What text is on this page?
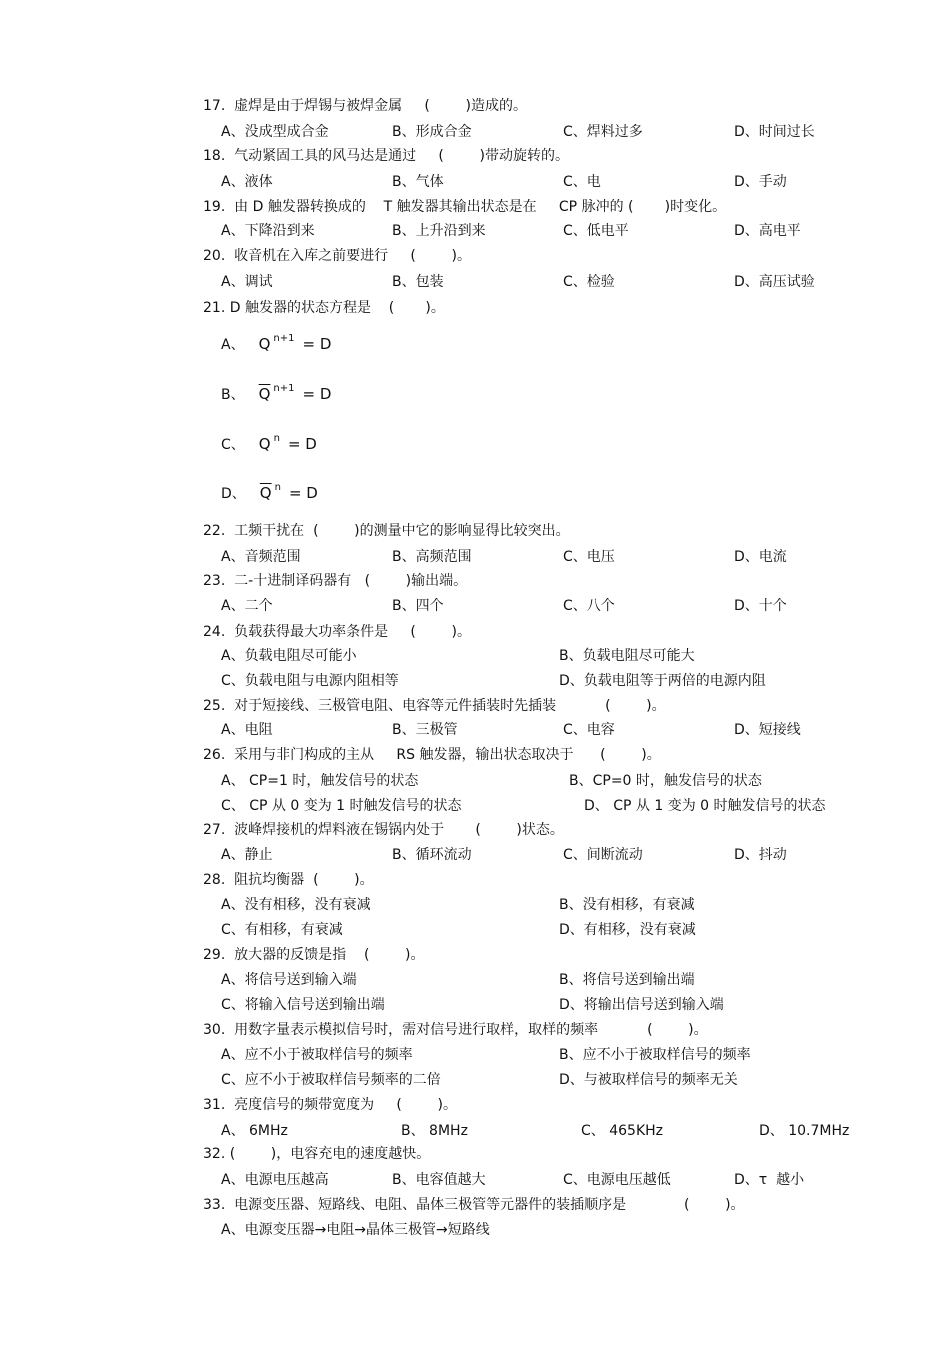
17.  虚焊是由于焊锡与被焊金属     (        )造成的。
A、没成型成合金	B、形成合金	C、焊料过多	D、时间过长
18.  气动紧固工具的风马达是通过     (        )带动旋转的。
A、液体	B、气体	C、电	D、手动
19.  由 D 触发器转换成的    T 触发器其输出状态是在     CP 脉冲的 (       )时变化。
A、下降沿到来	B、上升沿到来	C、低电平	D、高电平
20.  收音机在入库之前要进行     (        )。
A、调试	B、包装	C、检验	D、高压试验
21. D 触发器的状态方程是    (       )。
A、 Q n+1 = D
B、 $\overline{Q}$ n+1 = D
C、 Q n = D
D、 $\overline{Q}$ n = D
22.  工频干扰在  (        )的测量中它的影响显得比较突出。
A、音频范围	B、高频范围	C、电压	D、电流
23.  二-十进制译码器有   (        )输出端。
A、二个	B、四个	C、八个	D、十个
24.  负载获得最大功率条件是     (        )。
A、负载电阻尽可能小	B、负载电阻尽可能大
C、负载电阻与电源内阻相等	D、负载电阻等于两倍的电源内阻
25.  对于短接线、三极管电阻、电容等元件插装时先插装           (        )。
A、电阻	B、三极管	C、电容	D、短接线
26.  采用与非门构成的主从     RS 触发器，输出状态取决于      (        )。
A、 CP=1 时，触发信号的状态	B、CP=0 时，触发信号的状态
C、 CP 从 0 变为 1 时触发信号的状态	D、 CP 从 1 变为 0 时触发信号的状态
27.  波峰焊接机的焊料液在锡锅内处于       (        )状态。
A、静止	B、循环流动	C、间断流动	D、抖动
28.  阻抗均衡器  (        )。
A、没有相移，没有衰减	B、没有相移，有衰减
C、有相移，有衰减	D、有相移，没有衰减
29.  放大器的反馈是指    (        )。
A、将信号送到输入端	B、将信号送到输出端
C、将输入信号送到输出端	D、将输出信号送到输入端
30.  用数字量表示模拟信号时，需对信号进行取样，取样的频率           (        )。
A、应不小于被取样信号的频率	B、应不小于被取样信号的频率
C、应不小于被取样信号频率的二倍	D、与被取样信号的频率无关
31.  亮度信号的频带宽度为     (        )。
A、 6MHz	B、 8MHz	C、 465KHz	D、 10.7MHz
32. (        )，电容充电的速度越快。
A、电源电压越高	B、电容值越大	C、电源电压越低	D、τ  越小
33.  电源变压器、短路线、电阻、晶体三极管等元器件的装插顺序是             (        )。
A、电源变压器→电阻→晶体三极管→短路线
